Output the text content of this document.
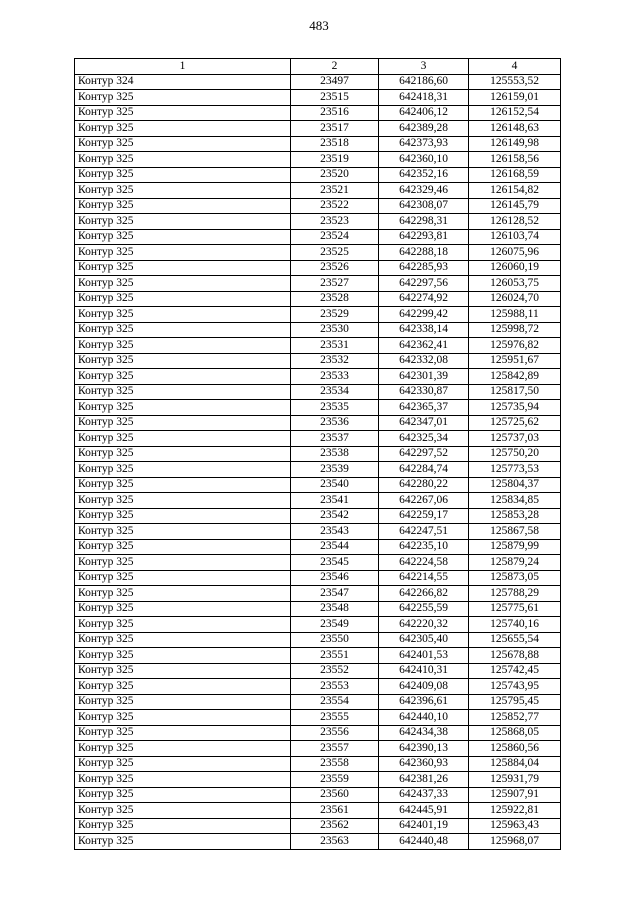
483
1	2	3	4
Контур 324	23497	642186,60	125553,52
Контур 325	23515	642418,31	126159,01
Контур 325	23516	642406,12	126152,54
Контур 325	23517	642389,28	126148,63
Контур 325	23518	642373,93	126149,98
Контур 325	23519	642360,10	126158,56
Контур 325	23520	642352,16	126168,59
Контур 325	23521	642329,46	126154,82
Контур 325	23522	642308,07	126145,79
Контур 325	23523	642298,31	126128,52
Контур 325	23524	642293,81	126103,74
Контур 325	23525	642288,18	126075,96
Контур 325	23526	642285,93	126060,19
Контур 325	23527	642297,56	126053,75
Контур 325	23528	642274,92	126024,70
Контур 325	23529	642299,42	125988,11
Контур 325	23530	642338,14	125998,72
Контур 325	23531	642362,41	125976,82
Контур 325	23532	642332,08	125951,67
Контур 325	23533	642301,39	125842,89
Контур 325	23534	642330,87	125817,50
Контур 325	23535	642365,37	125735,94
Контур 325	23536	642347,01	125725,62
Контур 325	23537	642325,34	125737,03
Контур 325	23538	642297,52	125750,20
Контур 325	23539	642284,74	125773,53
Контур 325	23540	642280,22	125804,37
Контур 325	23541	642267,06	125834,85
Контур 325	23542	642259,17	125853,28
Контур 325	23543	642247,51	125867,58
Контур 325	23544	642235,10	125879,99
Контур 325	23545	642224,58	125879,24
Контур 325	23546	642214,55	125873,05
Контур 325	23547	642266,82	125788,29
Контур 325	23548	642255,59	125775,61
Контур 325	23549	642220,32	125740,16
Контур 325	23550	642305,40	125655,54
Контур 325	23551	642401,53	125678,88
Контур 325	23552	642410,31	125742,45
Контур 325	23553	642409,08	125743,95
Контур 325	23554	642396,61	125795,45
Контур 325	23555	642440,10	125852,77
Контур 325	23556	642434,38	125868,05
Контур 325	23557	642390,13	125860,56
Контур 325	23558	642360,93	125884,04
Контур 325	23559	642381,26	125931,79
Контур 325	23560	642437,33	125907,91
Контур 325	23561	642445,91	125922,81
Контур 325	23562	642401,19	125963,43
Контур 325	23563	642440,48	125968,07
